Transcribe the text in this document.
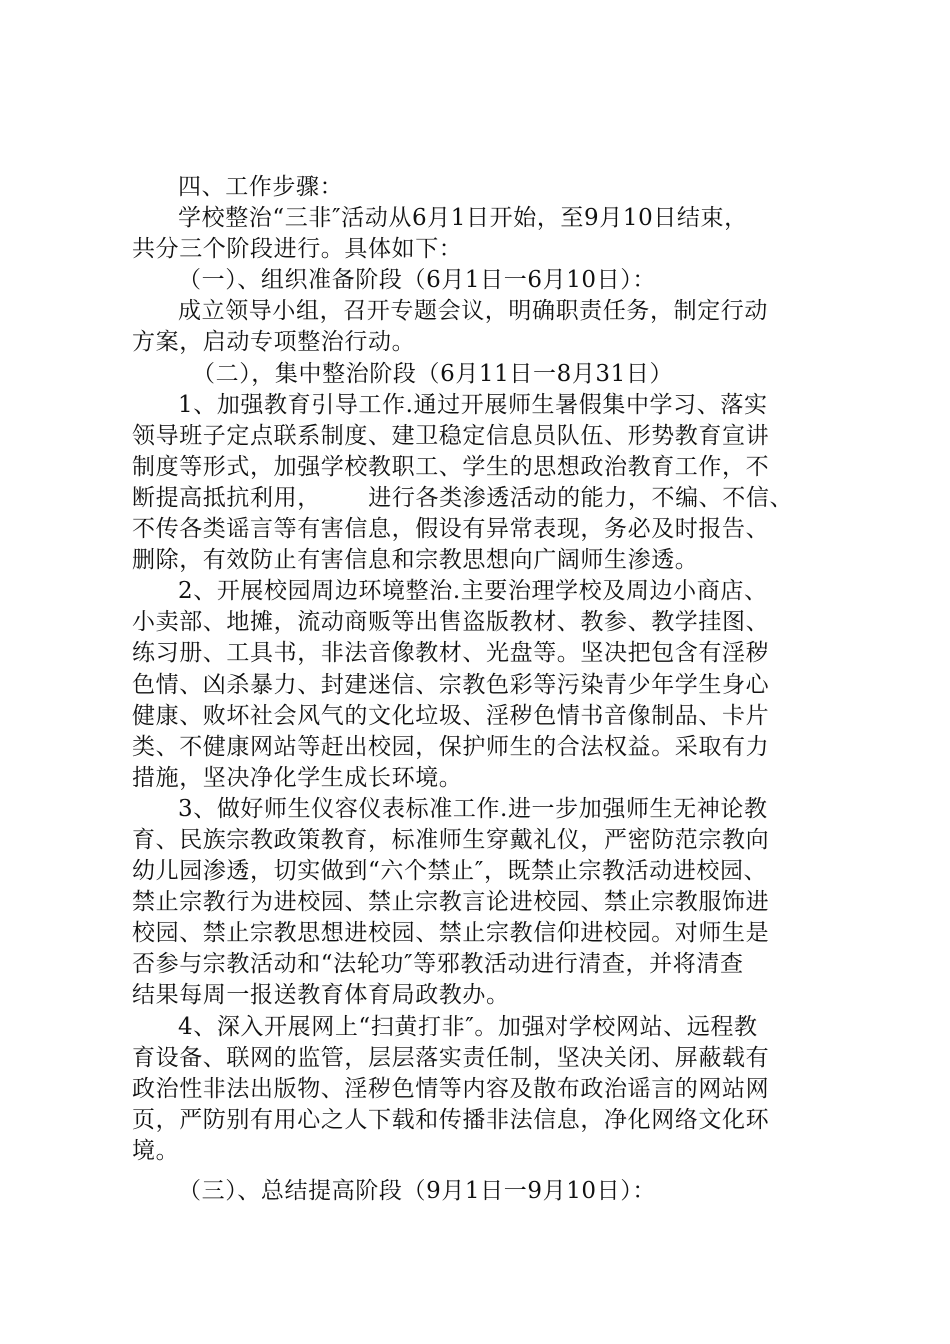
四、工作步骤：

学校整治“三非″活动从6月1日开始，至9月10日结束，
共分三个阶段进行。具体如下：

（一）、组织准备阶段（6月1日一6月10日）：

成立领导小组，召开专题会议，明确职责任务，制定行动
方案，启动专项整治行动。

（二），集中整治阶段（6月11日一8月31日）

1、加强教育引导工作.通过开展师生暑假集中学习、落实
领导班子定点联系制度、建卫稳定信息员队伍、形势教育宣讲
制度等形式，加强学校教职工、学生的思想政治教育工作，不
断提高抵抗利用，      进行各类渗透活动的能力，不编、不信、
不传各类谣言等有害信息，假设有异常表现，务必及时报告、
删除，有效防止有害信息和宗教思想向广阔师生渗透。

2、开展校园周边环境整治.主要治理学校及周边小商店、
小卖部、地摊，流动商贩等出售盗版教材、教参、教学挂图、
练习册、工具书，非法音像教材、光盘等。坚决把包含有淫秽
色情、凶杀暴力、封建迷信、宗教色彩等污染青少年学生身心
健康、败坏社会风气的文化垃圾、淫秽色情书音像制品、卡片
类、不健康网站等赶出校园，保护师生的合法权益。采取有力
措施，坚决净化学生成长环境。

3、做好师生仪容仪表标准工作.进一步加强师生无神论教
育、民族宗教政策教育，标准师生穿戴礼仪，严密防范宗教向
幼儿园渗透，切实做到“六个禁止″，既禁止宗教活动进校园、
禁止宗教行为进校园、禁止宗教言论进校园、禁止宗教服饰进
校园、禁止宗教思想进校园、禁止宗教信仰进校园。对师生是
否参与宗教活动和“法轮功″等邪教活动进行清查，并将清查
结果每周一报送教育体育局政教办。

4、深入开展网上“扫黄打非″。加强对学校网站、远程教
育设备、联网的监管，层层落实责任制，坚决关闭、屏蔽载有
政治性非法出版物、淫秽色情等内容及散布政治谣言的网站网
页，严防别有用心之人下载和传播非法信息，净化网络文化环
境。

（三）、总结提高阶段（9月1日一9月10日）：
